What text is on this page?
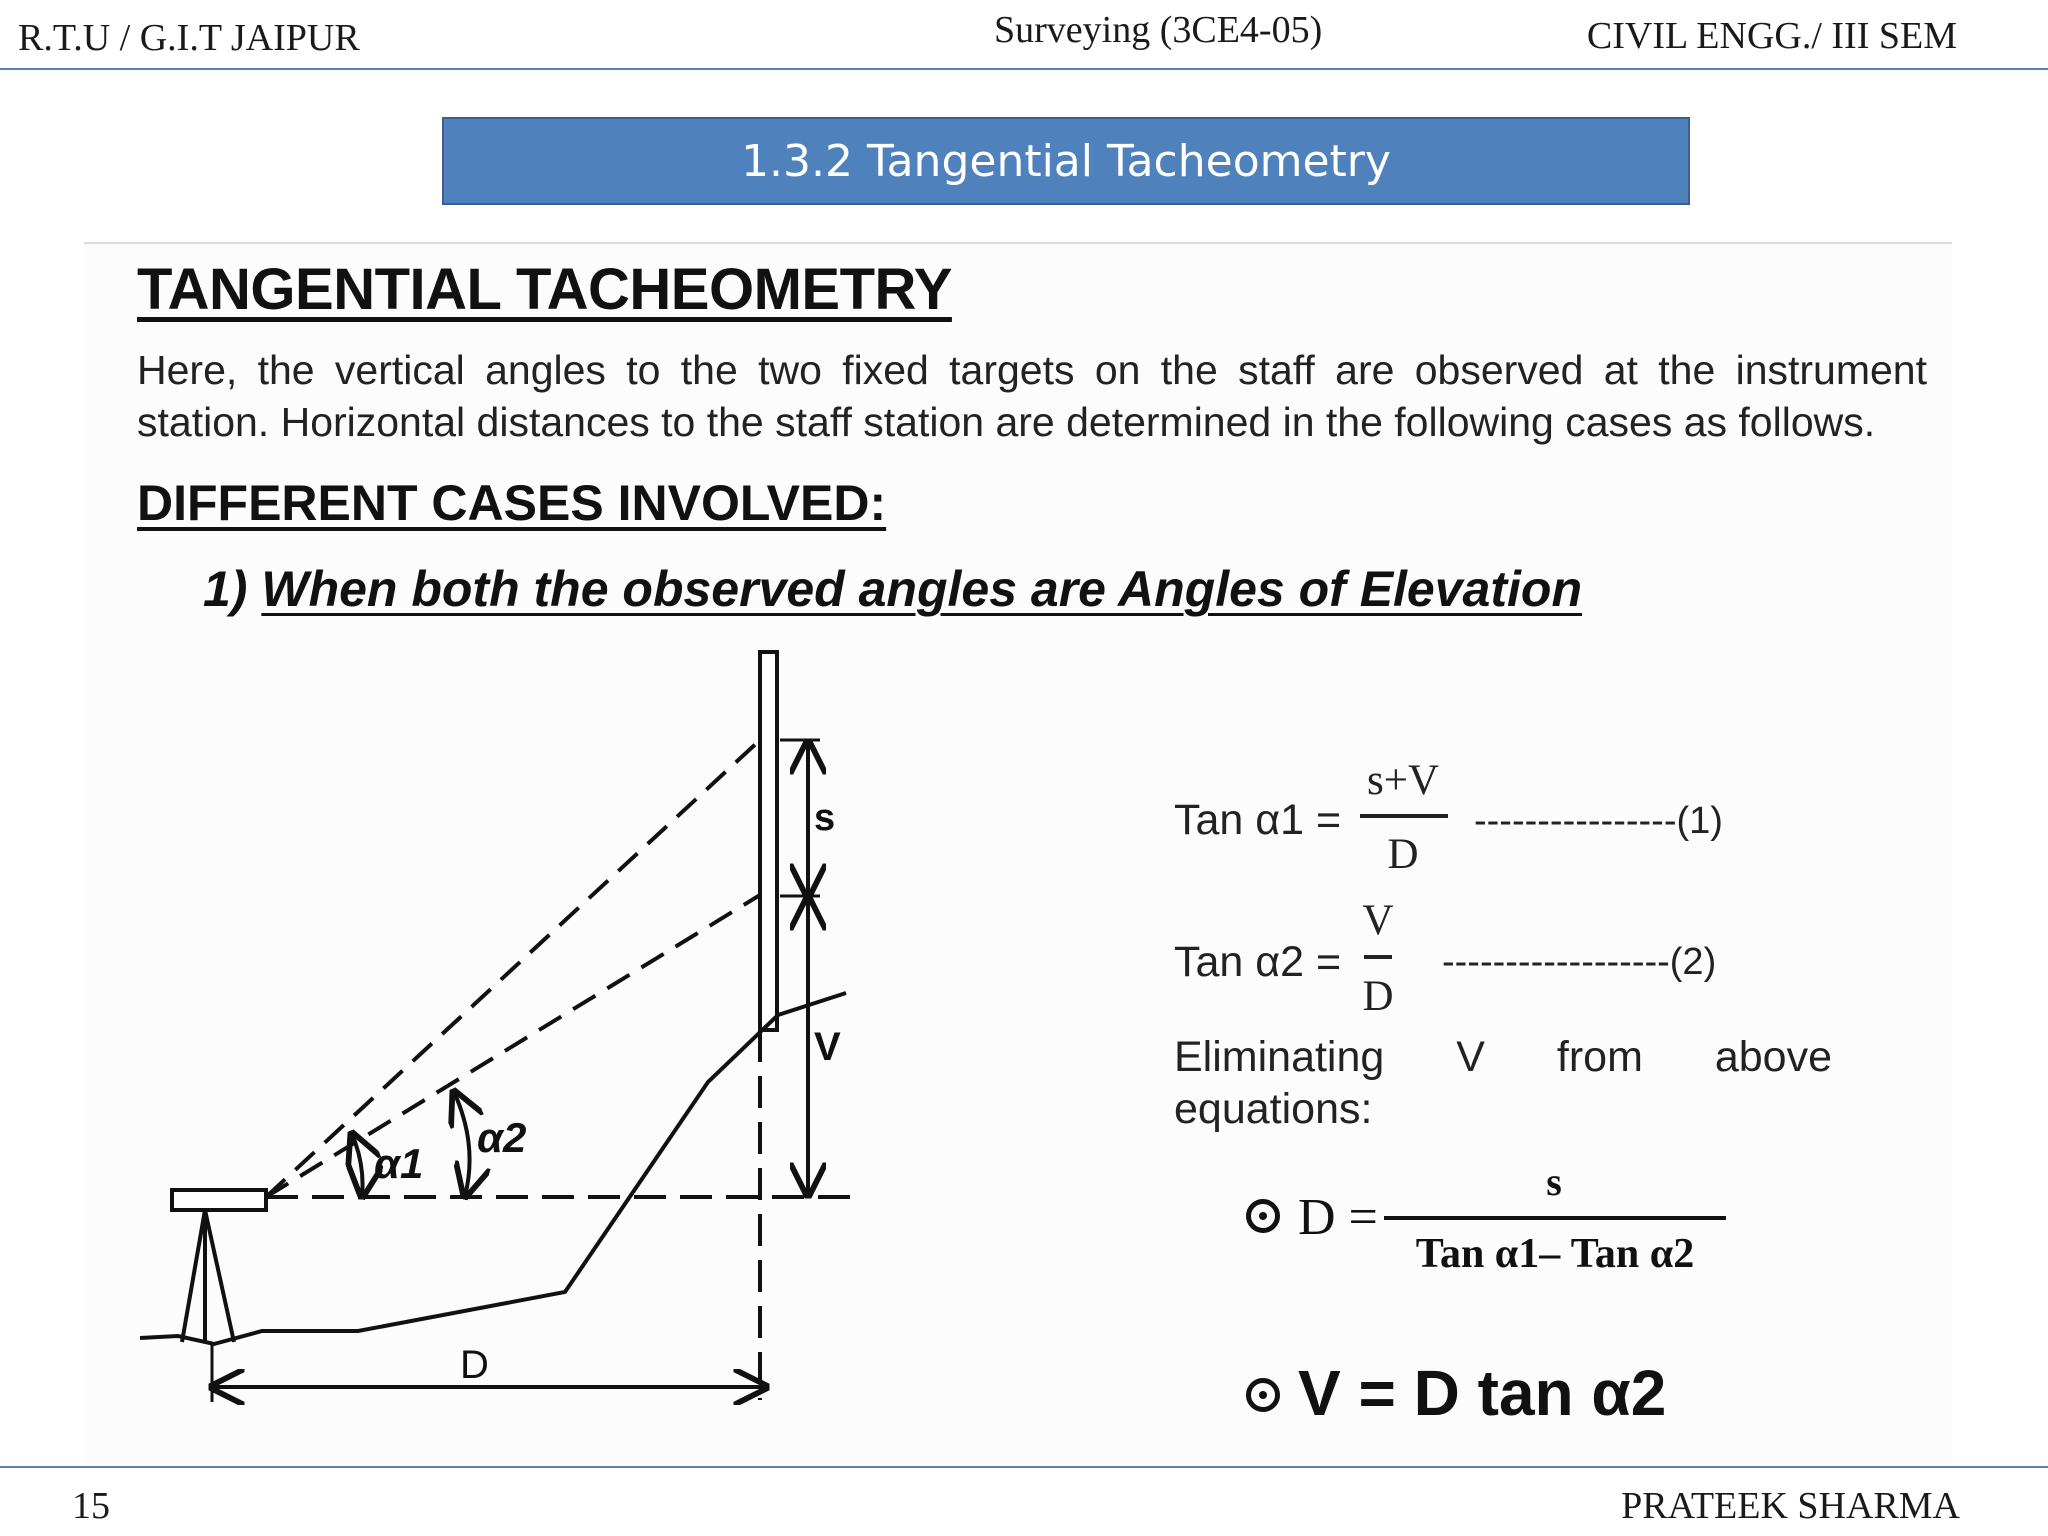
R.T.U / G.I.T JAIPUR	Surveying (3CE4-05)	CIVIL ENGG./ III SEM
1.3.2 Tangential Tacheometry
TANGENTIAL TACHEOMETRY
Here, the vertical angles to the two fixed targets on the staff are observed at the instrument station. Horizontal distances to the staff station are determined in the following cases as follows.
DIFFERENT CASES INVOLVED:
1) When both the observed angles are Angles of Elevation
s
V
D
α1
α2
Tan α1 =
s+V
D
----------------(1)
Tan α2 =
V
D
------------------(2)
Eliminating V from above
equations:
D =
s
Tan α1– Tan α2
V = D tan α2
15	PRATEEK SHARMA
